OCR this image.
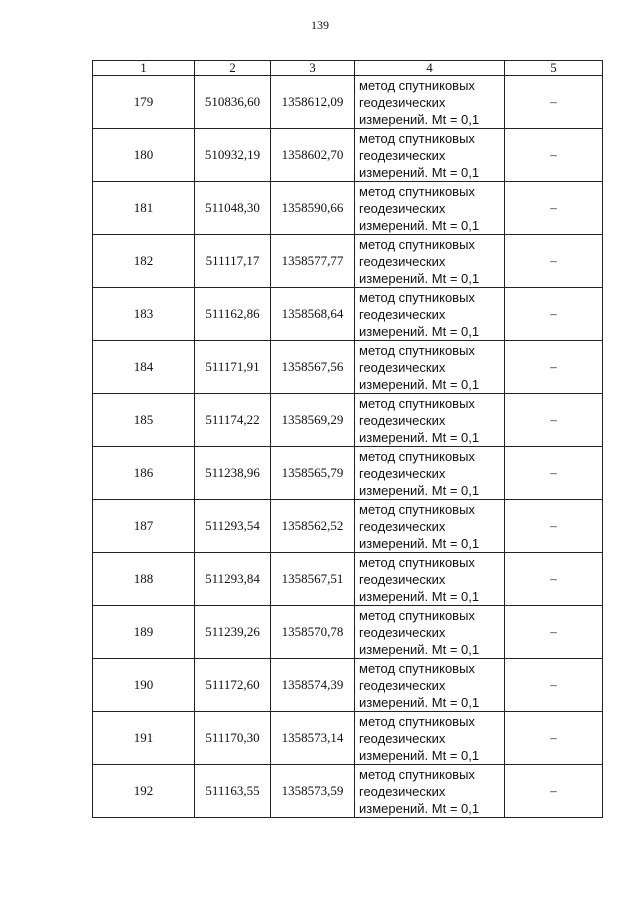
139
1	2	3	4	5
179	510836,60	1358612,09	метод спутниковых
геодезических
измерений. Mt = 0,1	–
180	510932,19	1358602,70	метод спутниковых
геодезических
измерений. Mt = 0,1	–
181	511048,30	1358590,66	метод спутниковых
геодезических
измерений. Mt = 0,1	–
182	511117,17	1358577,77	метод спутниковых
геодезических
измерений. Mt = 0,1	–
183	511162,86	1358568,64	метод спутниковых
геодезических
измерений. Mt = 0,1	–
184	511171,91	1358567,56	метод спутниковых
геодезических
измерений. Mt = 0,1	–
185	511174,22	1358569,29	метод спутниковых
геодезических
измерений. Mt = 0,1	–
186	511238,96	1358565,79	метод спутниковых
геодезических
измерений. Mt = 0,1	–
187	511293,54	1358562,52	метод спутниковых
геодезических
измерений. Mt = 0,1	–
188	511293,84	1358567,51	метод спутниковых
геодезических
измерений. Mt = 0,1	–
189	511239,26	1358570,78	метод спутниковых
геодезических
измерений. Mt = 0,1	–
190	511172,60	1358574,39	метод спутниковых
геодезических
измерений. Mt = 0,1	–
191	511170,30	1358573,14	метод спутниковых
геодезических
измерений. Mt = 0,1	–
192	511163,55	1358573,59	метод спутниковых
геодезических
измерений. Mt = 0,1	–
